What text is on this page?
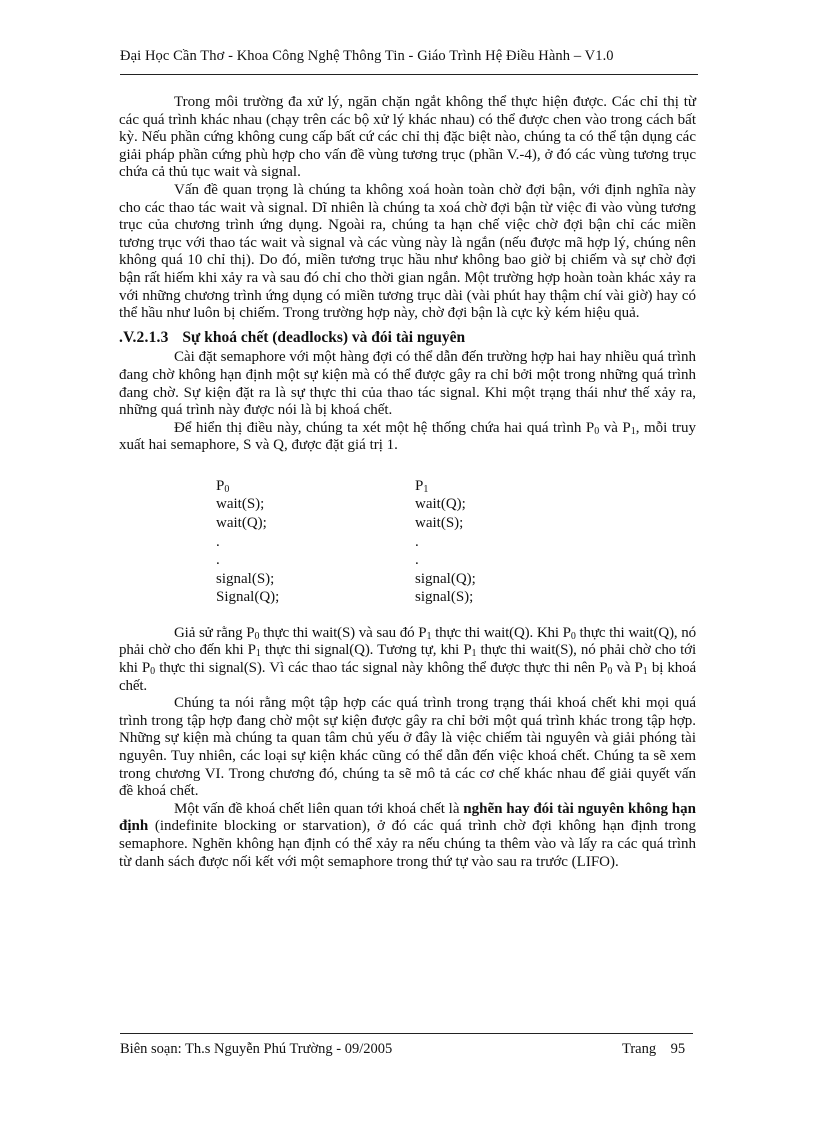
Đại Học Cần Thơ - Khoa Công Nghệ Thông Tin - Giáo Trình Hệ Điều Hành – V1.0

Trong môi trường đa xử lý, ngăn chặn ngắt không thể thực hiện được. Các chỉ thị từ các quá trình khác nhau (chạy trên các bộ xử lý khác nhau) có thể được chen vào trong cách bất kỳ. Nếu phần cứng không cung cấp bất cứ các chỉ thị đặc biệt nào, chúng ta có thể tận dụng các giải pháp phần cứng phù hợp cho vấn đề vùng tương trục (phần V.-4), ở đó các vùng tương trục chứa cả thủ tục wait và signal.

Vấn đề quan trọng là chúng ta không xoá hoàn toàn chờ đợi bận, với định nghĩa này cho các thao tác wait và signal. Dĩ nhiên là chúng ta xoá chờ đợi bận từ việc đi vào vùng tương trục của chương trình ứng dụng. Ngoài ra, chúng ta hạn chế việc chờ đợi bận chỉ các miền tương trục với thao tác wait và signal và các vùng này là ngắn (nếu được mã hợp lý, chúng nên không quá 10 chỉ thị). Do đó, miền tương trục hầu như không bao giờ bị chiếm và sự chờ đợi bận rất hiếm khi xảy ra và sau đó chỉ cho thời gian ngắn. Một trường hợp hoàn toàn khác xảy ra với những chương trình ứng dụng có miền tương trục dài (vài phút hay thậm chí vài giờ) hay có thể hầu như luôn bị chiếm. Trong trường hợp này, chờ đợi bận là cực kỳ kém hiệu quả.

.V.2.1.3 Sự khoá chết (deadlocks) và đói tài nguyên

Cài đặt semaphore với một hàng đợi có thể dẫn đến trường hợp hai hay nhiều quá trình đang chờ không hạn định một sự kiện mà có thể được gây ra chỉ bởi một trong những quá trình đang chờ. Sự kiện đặt ra là sự thực thi của thao tác signal. Khi một trạng thái như thế xảy ra, những quá trình này được nói là bị khoá chết.

Để hiển thị điều này, chúng ta xét một hệ thống chứa hai quá trình $P_0$ và $P_1$, mỗi truy xuất hai semaphore, S và Q, được đặt giá trị 1.

$P_0$
wait(S);
wait(Q);
.
.
signal(S);
Signal(Q);
$P_1$
wait(Q);
wait(S);
.
.
signal(Q);
signal(S);

Giả sử rằng $P_0$ thực thi wait(S) và sau đó $P_1$ thực thi wait(Q). Khi $P_0$ thực thi wait(Q), nó phải chờ cho đến khi $P_1$ thực thi signal(Q). Tương tự, khi $P_1$ thực thi wait(S), nó phải chờ cho tới khi $P_0$ thực thi signal(S). Vì các thao tác signal này không thể được thực thi nên $P_0$ và $P_1$ bị khoá chết.

Chúng ta nói rằng một tập hợp các quá trình trong trạng thái khoá chết khi mọi quá trình trong tập hợp đang chờ một sự kiện được gây ra chỉ bởi một quá trình khác trong tập hợp. Những sự kiện mà chúng ta quan tâm chủ yếu ở đây là việc chiếm tài nguyên và giải phóng tài nguyên. Tuy nhiên, các loại sự kiện khác cũng có thể dẫn đến việc khoá chết. Chúng ta sẽ xem trong chương VI. Trong chương đó, chúng ta sẽ mô tả các cơ chế khác nhau để giải quyết vấn đề khoá chết.

Một vấn đề khoá chết liên quan tới khoá chết là nghẽn hay đói tài nguyên không hạn định (indefinite blocking or starvation), ở đó các quá trình chờ đợi không hạn định trong semaphore. Nghẽn không hạn định có thể xảy ra nếu chúng ta thêm vào và lấy ra các quá trình từ danh sách được nối kết với một semaphore trong thứ tự vào sau ra trước (LIFO).

Biên soạn: Th.s Nguyễn Phú Trường - 09/2005	Trang 95
